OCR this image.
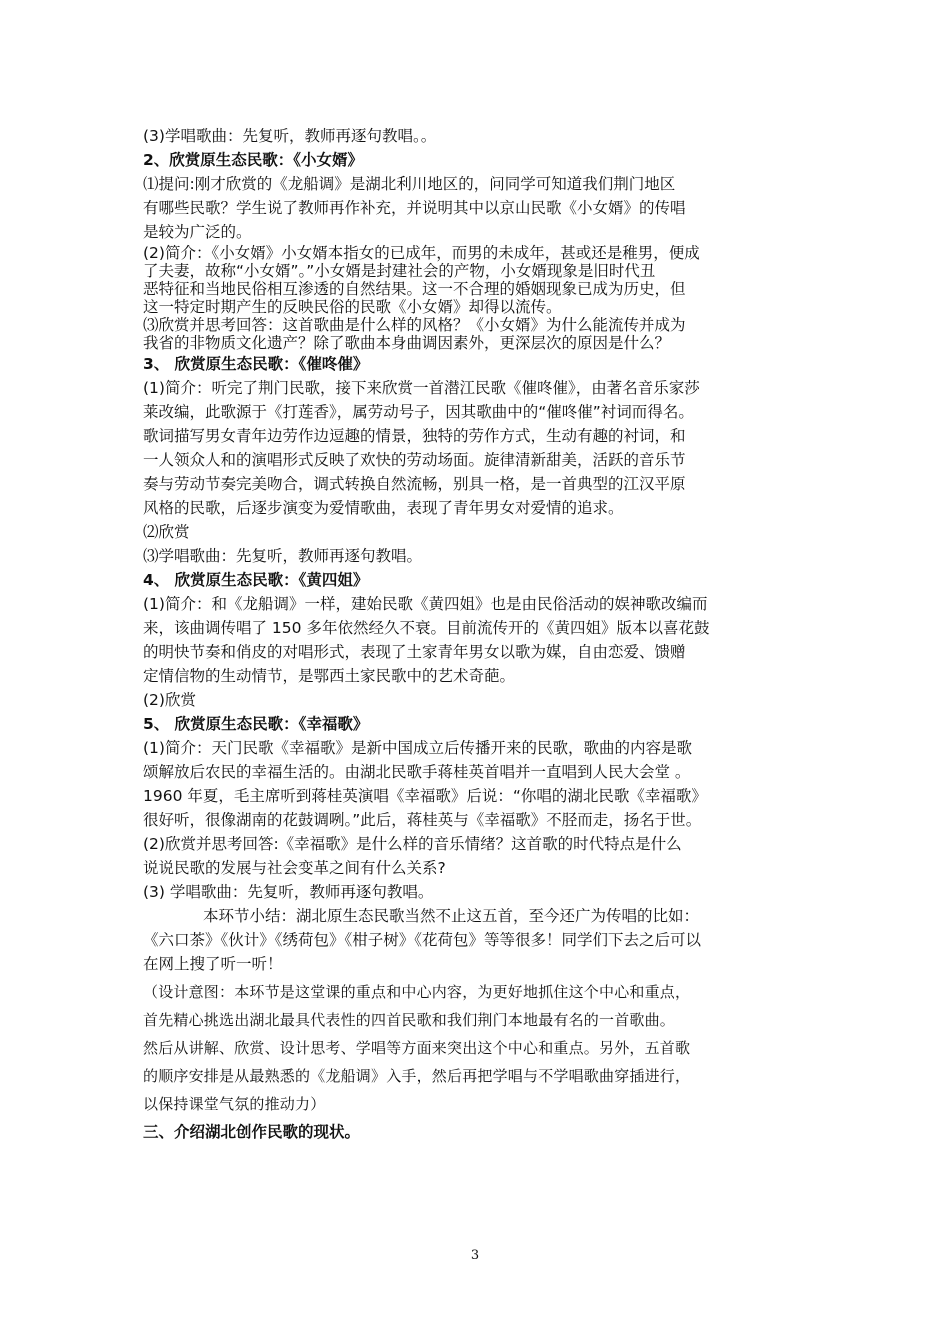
(3)学唱歌曲：先复听，教师再逐句教唱。。
2、欣赏原生态民歌：《小女婿》
⑴提问:刚才欣赏的《龙船调》是湖北利川地区的，问同学可知道我们荆门地区
有哪些民歌？学生说了教师再作补充，并说明其中以京山民歌《小女婿》的传唱
是较为广泛的。
(2)简介：《小女婿》小女婿本指女的已成年，而男的未成年，甚或还是稚男，便成
了夫妻，故称“小女婿”。”小女婿是封建社会的产物，小女婿现象是旧时代丑
恶特征和当地民俗相互渗透的自然结果。这一不合理的婚姻现象已成为历史，但
这一特定时期产生的反映民俗的民歌《小女婿》却得以流传。
⑶欣赏并思考回答：这首歌曲是什么样的风格？《小女婿》为什么能流传并成为
我省的非物质文化遗产？除了歌曲本身曲调因素外，更深层次的原因是什么？
3、 欣赏原生态民歌：《催咚催》
(1)简介：听完了荆门民歌，接下来欣赏一首潜江民歌《催咚催》，由著名音乐家莎
莱改编，此歌源于《打莲香》，属劳动号子，因其歌曲中的“催咚催”衬词而得名。
歌词描写男女青年边劳作边逗趣的情景，独特的劳作方式，生动有趣的衬词，和
一人领众人和的演唱形式反映了欢快的劳动场面。旋律清新甜美，活跃的音乐节
奏与劳动节奏完美吻合，调式转换自然流畅，别具一格，是一首典型的江汉平原
风格的民歌，后逐步演变为爱情歌曲，表现了青年男女对爱情的追求。
⑵欣赏
⑶学唱歌曲：先复听，教师再逐句教唱。
4、 欣赏原生态民歌：《黄四姐》
(1)简介：和《龙船调》一样，建始民歌《黄四姐》也是由民俗活动的娱神歌改编而
来，该曲调传唱了 150 多年依然经久不衰。目前流传开的《黄四姐》版本以喜花鼓
的明快节奏和俏皮的对唱形式，表现了土家青年男女以歌为媒，自由恋爱、馈赠
定情信物的生动情节，是鄂西土家民歌中的艺术奇葩。
(2)欣赏
5、 欣赏原生态民歌：《幸福歌》
(1)简介：天门民歌《幸福歌》是新中国成立后传播开来的民歌，歌曲的内容是歌
颂解放后农民的幸福生活的。由湖北民歌手蒋桂英首唱并一直唱到人民大会堂 。
1960 年夏，毛主席听到蒋桂英演唱《幸福歌》后说：“你唱的湖北民歌《幸福歌》
很好听，很像湖南的花鼓调咧。”此后，蒋桂英与《幸福歌》不胫而走，扬名于世。
(2)欣赏并思考回答:《幸福歌》是什么样的音乐情绪？这首歌的时代特点是什么
说说民歌的发展与社会变革之间有什么关系?
(3) 学唱歌曲：先复听，教师再逐句教唱。
本环节小结：湖北原生态民歌当然不止这五首，至今还广为传唱的比如：
《六口茶》《伙计》《绣荷包》《柑子树》《花荷包》等等很多！同学们下去之后可以
在网上搜了听一听！
（设计意图：本环节是这堂课的重点和中心内容，为更好地抓住这个中心和重点，
首先精心挑选出湖北最具代表性的四首民歌和我们荆门本地最有名的一首歌曲。
然后从讲解、欣赏、设计思考、学唱等方面来突出这个中心和重点。另外，五首歌
的顺序安排是从最熟悉的《龙船调》入手，然后再把学唱与不学唱歌曲穿插进行，
以保持课堂气氛的推动力）
三、介绍湖北创作民歌的现状。
3
